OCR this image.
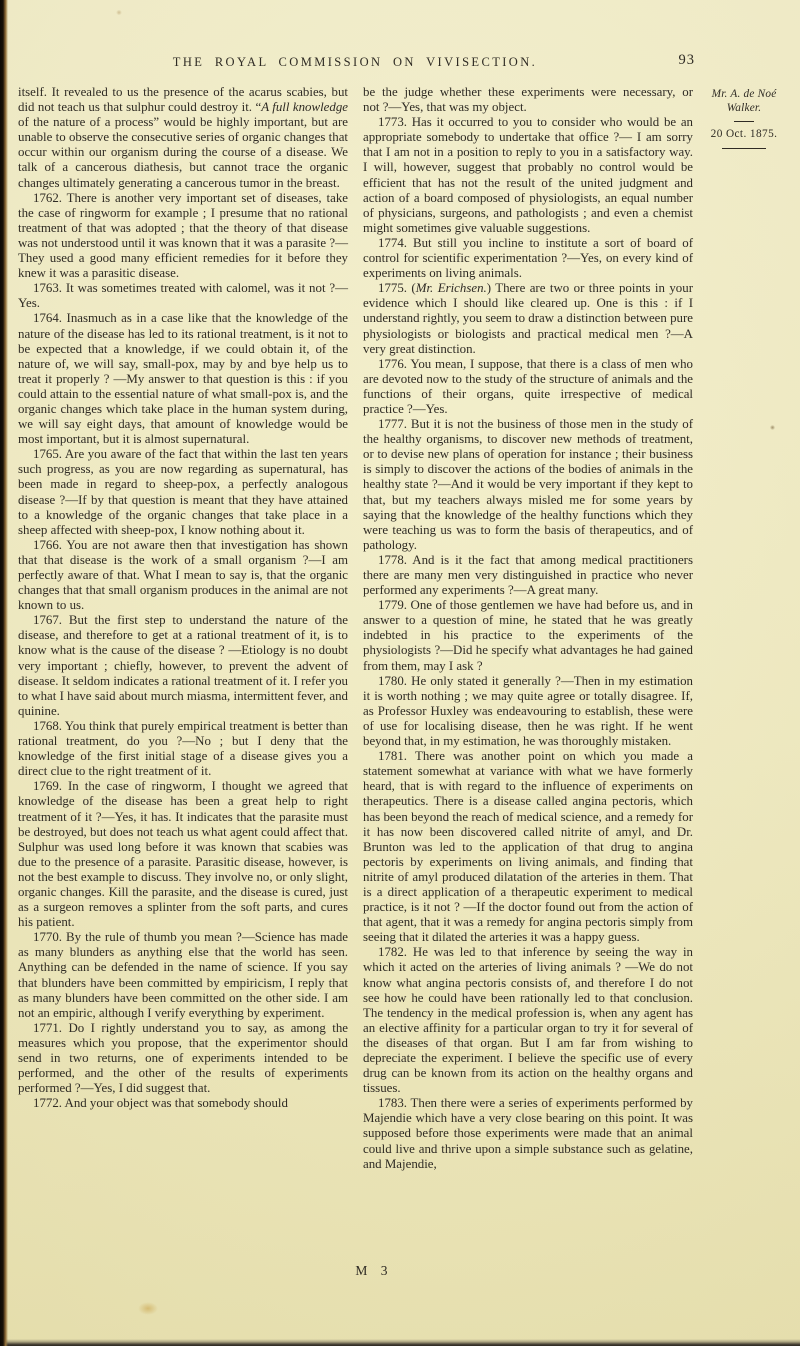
THE ROYAL COMMISSION ON VIVISECTION.	93

itself. It revealed to us the presence of the acarus scabies, but did not teach us that sulphur could destroy it. “A full knowledge of the nature of a process” would be highly important, but are unable to observe the consecutive series of organic changes that occur within our organism during the course of a disease. We talk of a cancerous diathesis, but cannot trace the organic changes ultimately generating a cancerous tumor in the breast.

1762. There is another very important set of diseases, take the case of ringworm for example ; I presume that no rational treatment of that was adopted ; that the theory of that disease was not understood until it was known that it was a parasite ?—They used a good many efficient remedies for it before they knew it was a parasitic disease.

1763. It was sometimes treated with calomel, was it not ?—Yes.

1764. Inasmuch as in a case like that the knowledge of the nature of the disease has led to its rational treatment, is it not to be expected that a knowledge, if we could obtain it, of the nature of, we will say, small-pox, may by and bye help us to treat it properly ? —My answer to that question is this : if you could attain to the essential nature of what small-pox is, and the organic changes which take place in the human system during, we will say eight days, that amount of knowledge would be most important, but it is almost supernatural.

1765. Are you aware of the fact that within the last ten years such progress, as you are now regarding as supernatural, has been made in regard to sheep-pox, a perfectly analogous disease ?—If by that question is meant that they have attained to a knowledge of the organic changes that take place in a sheep affected with sheep-pox, I know nothing about it.

1766. You are not aware then that investigation has shown that that disease is the work of a small organism ?—I am perfectly aware of that. What I mean to say is, that the organic changes that that small organism produces in the animal are not known to us.

1767. But the first step to understand the nature of the disease, and therefore to get at a rational treatment of it, is to know what is the cause of the disease ? —Etiology is no doubt very important ; chiefly, however, to prevent the advent of disease. It seldom indicates a rational treatment of it. I refer you to what I have said about murch miasma, intermittent fever, and quinine.

1768. You think that purely empirical treatment is better than rational treatment, do you ?—No ; but I deny that the knowledge of the first initial stage of a disease gives you a direct clue to the right treatment of it.

1769. In the case of ringworm, I thought we agreed that knowledge of the disease has been a great help to right treatment of it ?—Yes, it has. It indicates that the parasite must be destroyed, but does not teach us what agent could affect that. Sulphur was used long before it was known that scabies was due to the presence of a parasite. Parasitic disease, however, is not the best example to discuss. They involve no, or only slight, organic changes. Kill the parasite, and the disease is cured, just as a surgeon removes a splinter from the soft parts, and cures his patient.

1770. By the rule of thumb you mean ?—Science has made as many blunders as anything else that the world has seen. Anything can be defended in the name of science. If you say that blunders have been committed by empiricism, I reply that as many blunders have been committed on the other side. I am not an empiric, although I verify everything by experiment.

1771. Do I rightly understand you to say, as among the measures which you propose, that the experimentor should send in two returns, one of experiments intended to be performed, and the other of the results of experiments performed ?—Yes, I did suggest that.

1772. And your object was that somebody should

be the judge whether these experiments were necessary, or not ?—Yes, that was my object.

1773. Has it occurred to you to consider who would be an appropriate somebody to undertake that office ?— I am sorry that I am not in a position to reply to you in a satisfactory way. I will, however, suggest that probably no control would be efficient that has not the result of the united judgment and action of a board composed of physiologists, an equal number of physicians, surgeons, and pathologists ; and even a chemist might sometimes give valuable suggestions.

1774. But still you incline to institute a sort of board of control for scientific experimentation ?—Yes, on every kind of experiments on living animals.

1775. (Mr. Erichsen.) There are two or three points in your evidence which I should like cleared up. One is this : if I understand rightly, you seem to draw a distinction between pure physiologists or biologists and practical medical men ?—A very great distinction.

1776. You mean, I suppose, that there is a class of men who are devoted now to the study of the structure of animals and the functions of their organs, quite irrespective of medical practice ?—Yes.

1777. But it is not the business of those men in the study of the healthy organisms, to discover new methods of treatment, or to devise new plans of operation for instance ; their business is simply to discover the actions of the bodies of animals in the healthy state ?—And it would be very important if they kept to that, but my teachers always misled me for some years by saying that the knowledge of the healthy functions which they were teaching us was to form the basis of therapeutics, and of pathology.

1778. And is it the fact that among medical practitioners there are many men very distinguished in practice who never performed any experiments ?—A great many.

1779. One of those gentlemen we have had before us, and in answer to a question of mine, he stated that he was greatly indebted in his practice to the experiments of the physiologists ?—Did he specify what advantages he had gained from them, may I ask ?

1780. He only stated it generally ?—Then in my estimation it is worth nothing ; we may quite agree or totally disagree. If, as Professor Huxley was endeavouring to establish, these were of use for localising disease, then he was right. If he went beyond that, in my estimation, he was thoroughly mistaken.

1781. There was another point on which you made a statement somewhat at variance with what we have formerly heard, that is with regard to the influence of experiments on therapeutics. There is a disease called angina pectoris, which has been beyond the reach of medical science, and a remedy for it has now been discovered called nitrite of amyl, and Dr. Brunton was led to the application of that drug to angina pectoris by experiments on living animals, and finding that nitrite of amyl produced dilatation of the arteries in them. That is a direct application of a therapeutic experiment to medical practice, is it not ? —If the doctor found out from the action of that agent, that it was a remedy for angina pectoris simply from seeing that it dilated the arteries it was a happy guess.

1782. He was led to that inference by seeing the way in which it acted on the arteries of living animals ? —We do not know what angina pectoris consists of, and therefore I do not see how he could have been rationally led to that conclusion. The tendency in the medical profession is, when any agent has an elective affinity for a particular organ to try it for several of the diseases of that organ. But I am far from wishing to depreciate the experiment. I believe the specific use of every drug can be known from its action on the healthy organs and tissues.

1783. Then there were a series of experiments performed by Majendie which have a very close bearing on this point. It was supposed before those experiments were made that an animal could live and thrive upon a simple substance such as gelatine, and Majendie,

Mr. A. de Noé
Walker.
20 Oct. 1875.
M 3
